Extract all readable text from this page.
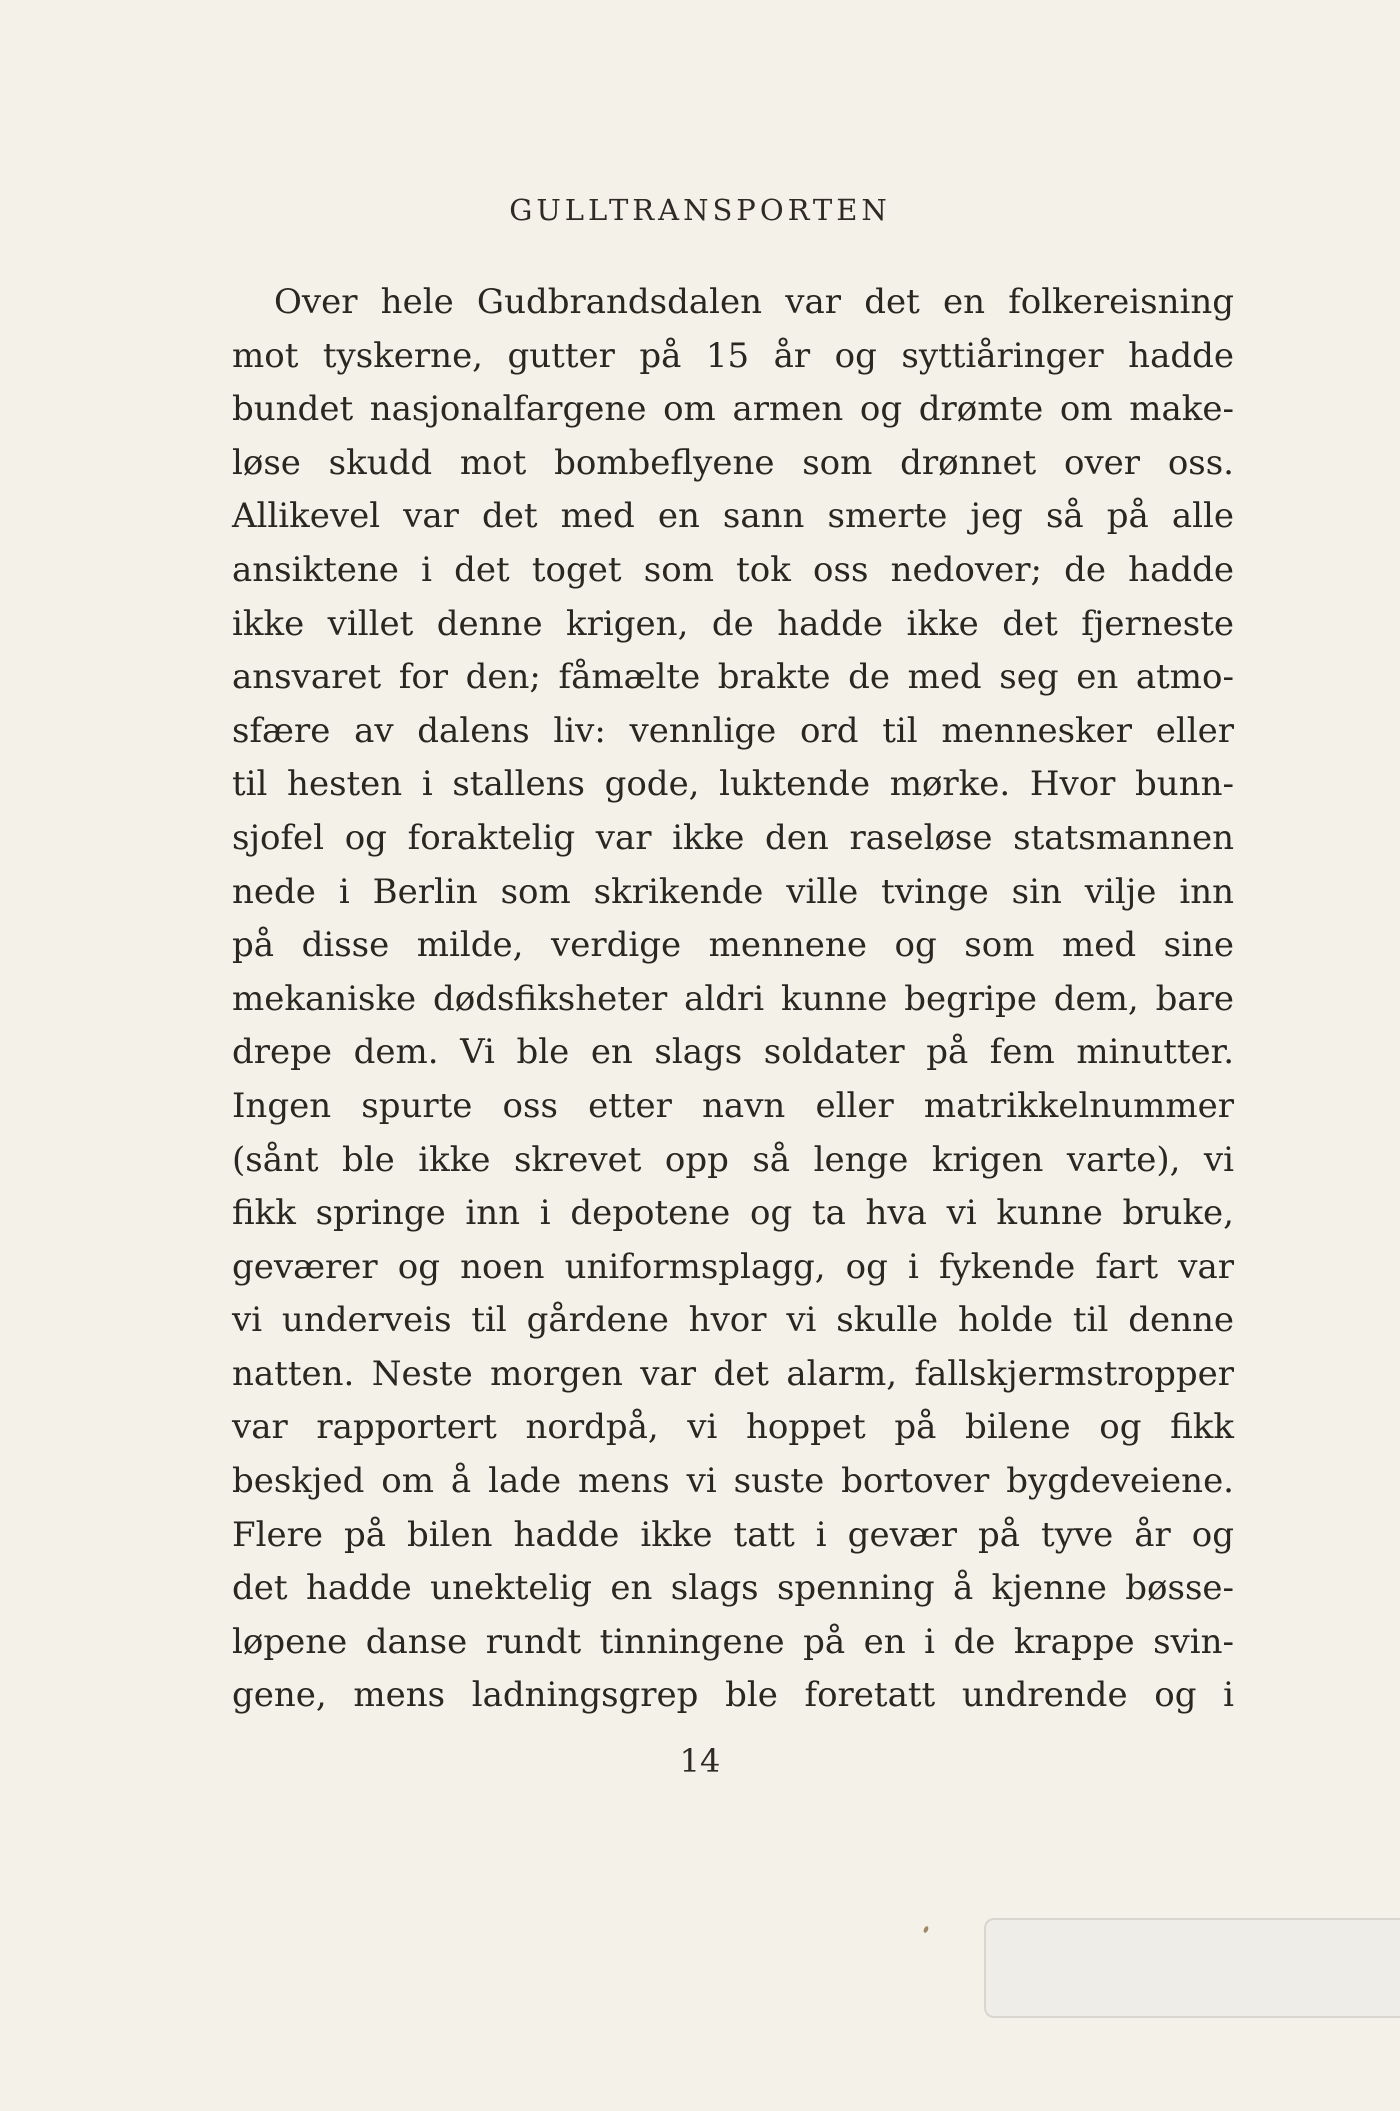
GULLTRANSPORTEN
Over hele Gudbrandsdalen var det en folkereisning
mot tyskerne, gutter på 15 år og syttiåringer hadde
bundet nasjonalfargene om armen og drømte om make-
løse skudd mot bombeflyene som drønnet over oss.
Allikevel var det med en sann smerte jeg så på alle
ansiktene i det toget som tok oss nedover; de hadde
ikke villet denne krigen, de hadde ikke det fjerneste
ansvaret for den; fåmælte brakte de med seg en atmo-
sfære av dalens liv: vennlige ord til mennesker eller
til hesten i stallens gode, luktende mørke. Hvor bunn-
sjofel og foraktelig var ikke den raseløse statsmannen
nede i Berlin som skrikende ville tvinge sin vilje inn
på disse milde, verdige mennene og som med sine
mekaniske dødsfiksheter aldri kunne begripe dem, bare
drepe dem. Vi ble en slags soldater på fem minutter.
Ingen spurte oss etter navn eller matrikkelnummer
(sånt ble ikke skrevet opp så lenge krigen varte), vi
fikk springe inn i depotene og ta hva vi kunne bruke,
geværer og noen uniformsplagg, og i fykende fart var
vi underveis til gårdene hvor vi skulle holde til denne
natten. Neste morgen var det alarm, fallskjermstropper
var rapportert nordpå, vi hoppet på bilene og fikk
beskjed om å lade mens vi suste bortover bygdeveiene.
Flere på bilen hadde ikke tatt i gevær på tyve år og
det hadde unektelig en slags spenning å kjenne bøsse-
løpene danse rundt tinningene på en i de krappe svin-
gene, mens ladningsgrep ble foretatt undrende og i
14
